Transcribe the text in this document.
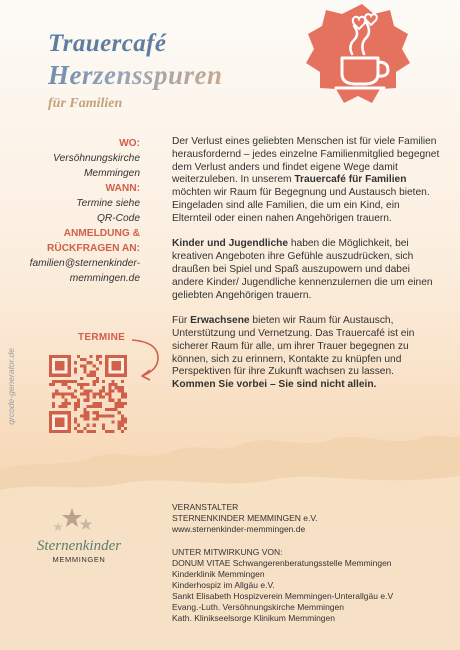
Trauercafé
Herzensspuren
für Familien
WO:
Versöhnungskirche
Memmingen
WANN:
Termine siehe
QR-Code
ANMELDUNG &
RÜCKFRAGEN AN:
familien@sternenkinder-
memmingen.de
TERMINE
qrcode-generator.de

Der Verlust eines geliebten Menschen ist für viele Familien herausfordernd – jedes einzelne Familienmitglied begegnet dem Verlust anders und findet eigene Wege damit weiterzuleben. In unserem Trauercafé für Familien möchten wir Raum für Begegnung und Austausch bieten. Eingeladen sind alle Familien, die um ein Kind, ein Elternteil oder einen nahen Angehörigen trauern.

Kinder und Jugendliche haben die Möglichkeit, bei kreativen Angeboten ihre Gefühle auszudrücken, sich draußen bei Spiel und Spaß auszupowern und dabei andere Kinder/ Jugendliche kennenzulernen die um einen geliebten Angehörigen trauern.

Für Erwachsene bieten wir Raum für Austausch, Unterstützung und Vernetzung. Das Trauercafé ist ein sicherer Raum für alle, um ihrer Trauer begegnen zu können, sich zu erinnern, Kontakte zu knüpfen und Perspektiven für ihre Zukunft wachsen zu lassen. Kommen Sie vorbei – Sie sind nicht allein.

Sternenkinder
MEMMINGEN
VERANSTALTER
STERNENKINDER MEMMINGEN e.V.
www.sternenkinder-memmingen.de
UNTER MITWIRKUNG VON:
DONUM VITAE Schwangerenberatungsstelle Memmingen
Kinderklinik Memmingen
Kinderhospiz im Allgäu e.V.
Sankt Elisabeth Hospizverein Memmingen-Unterallgäu e.V
Evang.-Luth. Versöhnungskirche Memmingen
Kath. Klinikseelsorge Klinikum Memmingen
